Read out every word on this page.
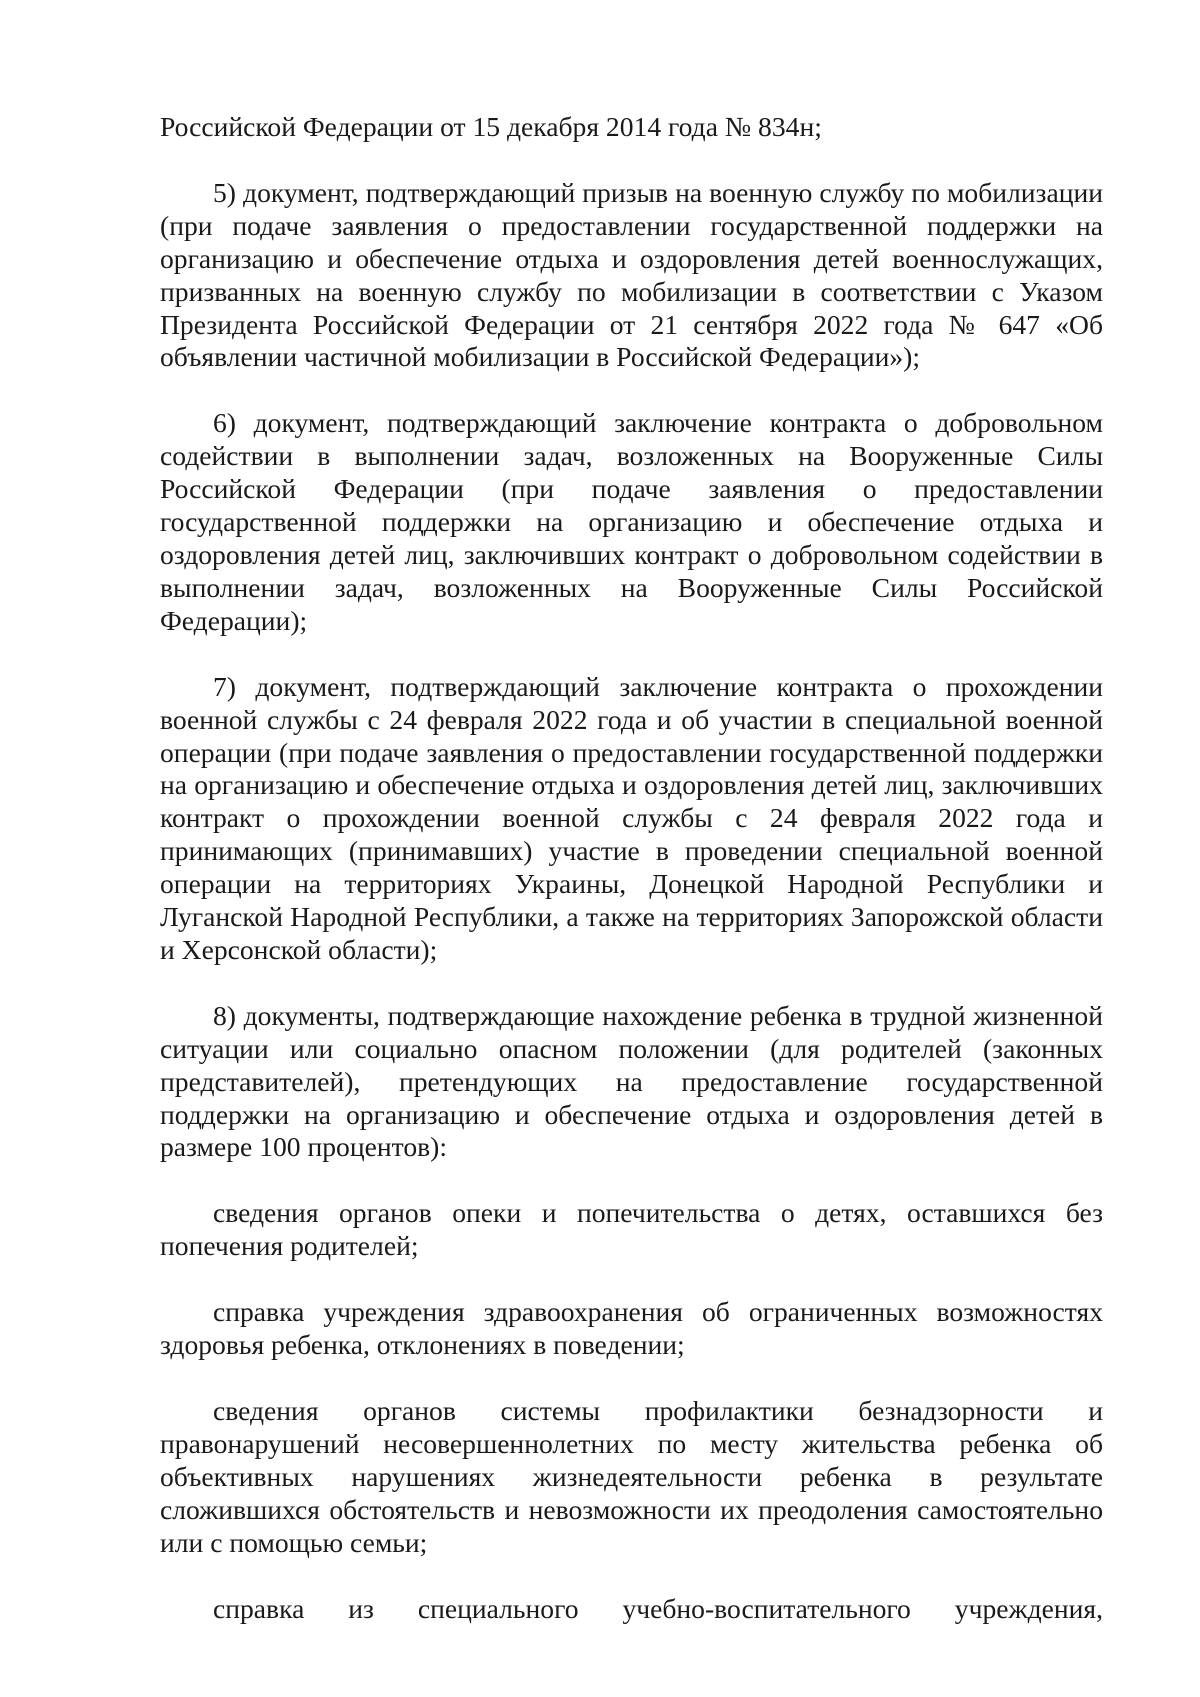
Российской Федерации от 15 декабря 2014 года № 834н;

5) документ, подтверждающий призыв на военную службу по мобилизации (при подаче заявления о предоставлении государственной поддержки на организацию и обеспечение отдыха и оздоровления детей военнослужащих, призванных на военную службу по мобилизации в соответствии с Указом Президента Российской Федерации от 21 сентября 2022 года № 647 «Об объявлении частичной мобилизации в Российской Федерации»);

6) документ, подтверждающий заключение контракта о добровольном содействии в выполнении задач, возложенных на Вооруженные Силы Российской Федерации (при подаче заявления о предоставлении государственной поддержки на организацию и обеспечение отдыха и оздоровления детей лиц, заключивших контракт о добровольном содействии в выполнении задач, возложенных на Вооруженные Силы Российской Федерации);

7) документ, подтверждающий заключение контракта о прохождении военной службы с 24 февраля 2022 года и об участии в специальной военной операции (при подаче заявления о предоставлении государственной поддержки на организацию и обеспечение отдыха и оздоровления детей лиц, заключивших контракт о прохождении военной службы с 24 февраля 2022 года и принимающих (принимавших) участие в проведении специальной военной операции на территориях Украины, Донецкой Народной Республики и Луганской Народной Республики, а также на территориях Запорожской области и Херсонской области);

8) документы, подтверждающие нахождение ребенка в трудной жизненной ситуации или социально опасном положении (для родителей (законных представителей), претендующих на предоставление государственной поддержки на организацию и обеспечение отдыха и оздоровления детей в размере 100 процентов):

сведения органов опеки и попечительства о детях, оставшихся без попечения родителей;

справка учреждения здравоохранения об ограниченных возможностях здоровья ребенка, отклонениях в поведении;

сведения органов системы профилактики безнадзорности и правонарушений несовершеннолетних по месту жительства ребенка об объективных нарушениях жизнедеятельности ребенка в результате сложившихся обстоятельств и невозможности их преодоления самостоятельно или с помощью семьи;

справка из специального учебно-воспитательного учреждения,
